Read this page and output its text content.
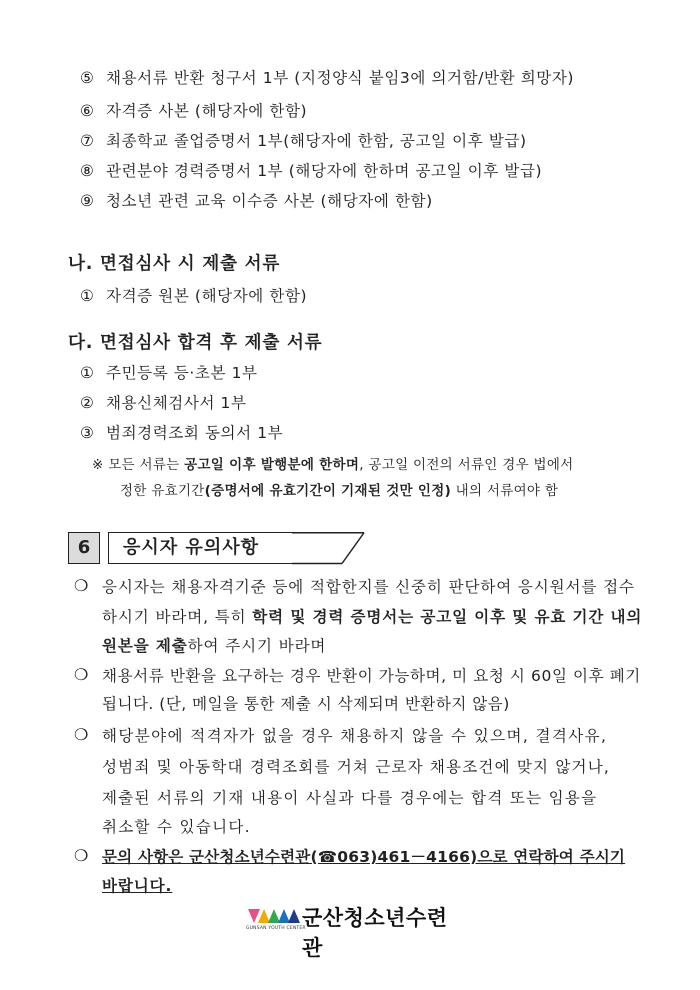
⑤ 채용서류 반환 청구서 1부 (지정양식 붙임3에 의거함/반환 희망자)
⑥ 자격증 사본 (해당자에 한함)
⑦ 최종학교 졸업증명서 1부(해당자에 한함, 공고일 이후 발급)
⑧ 관련분야 경력증명서 1부 (해당자에 한하며 공고일 이후 발급)
⑨ 청소년 관련 교육 이수증 사본 (해당자에 한함)
나. 면접심사 시 제출 서류
① 자격증 원본 (해당자에 한함)
다. 면접심사 합격 후 제출 서류
① 주민등록 등·초본 1부
② 채용신체검사서 1부
③ 범죄경력조회 동의서 1부
※ 모든 서류는 공고일 이후 발행분에 한하며, 공고일 이전의 서류인 경우 법에서
정한 유효기간(증명서에 유효기간이 기재된 것만 인정) 내의 서류여야 함
6	응시자 유의사항
❍ 응시자는 채용자격기준 등에 적합한지를 신중히 판단하여 응시원서를 접수
하시기 바라며, 특히 학력 및 경력 증명서는 공고일 이후 및 유효 기간 내의
원본을 제출하여 주시기 바라며
❍ 채용서류 반환을 요구하는 경우 반환이 가능하며, 미 요청 시 60일 이후 폐기
됩니다. (단, 메일을 통한 제출 시 삭제되며 반환하지 않음)
❍ 해당분야에 적격자가 없을 경우 채용하지 않을 수 있으며, 결격사유,
성범죄 및 아동학대 경력조회를 거쳐 근로자 채용조건에 맞지 않거나,
제출된 서류의 기재 내용이 사실과 다를 경우에는 합격 또는 임용을
취소할 수 있습니다.
❍ 문의 사항은 군산청소년수련관(☎063)461－4166)으로 연락하여 주시기
바랍니다.
군산청소년수련관
GUNSAN YOUTH CENTER
